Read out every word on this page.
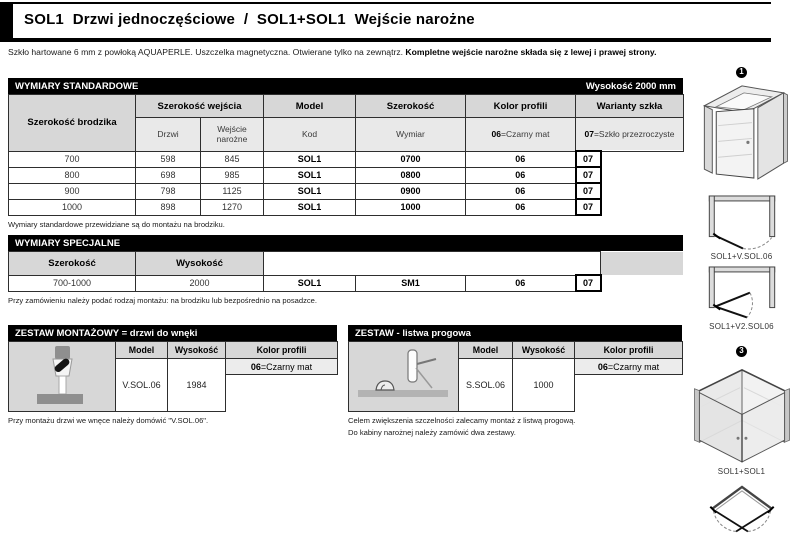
SOL1  Drzwi jednoczęściowe  /  SOL1+SOL1  Wejście narożne
Szkło hartowane 6 mm z powłoką AQUAPERLE. Uszczelka magnetyczna. Otwierane tylko na zewnątrz. Kompletne wejście narożne składa się z lewej i prawej strony.
WYMIARY STANDARDOWE	Wysokość 2000 mm
Szerokość brodzika	Szerokość wejścia		Model	Szerokość	Kolor profili	Warianty szkła	
	Drzwi	Wejście narożne	Kod	Wymiar	06=Czarny mat	07=Szkło przezroczyste	
700	598	845	SOL1	0700	06	07	
800	698	985	SOL1	0800	06	07	
900	798	1125	SOL1	0900	06	07	
1000	898	1270	SOL1	1000	06	07	
Wymiary standardowe przewidziane są do montażu na brodziku.
WYMIARY SPECJALNE
Szerokość	Wysokość					
700-1000	2000	SOL1	SM1	06	07	
Przy zamówieniu należy podać rodzaj montażu: na brodziku lub bezpośrednio na posadzce.
ZESTAW MONTAŻOWY = drzwi do wnęki
	Model	Wysokość	Kolor profili
	V.SOL.06	1984	06=Czarny mat

Przy montażu drzwi we wnęce należy domówić "V.SOL.06".
ZESTAW - listwa progowa
	Model	Wysokość	Kolor profili
	S.SOL.06	1000	06=Czarny mat

Celem zwiększenia szczelności zalecamy montaż z listwą progową.
Do kabiny narożnej należy zamówić dwa zestawy.
1
SOL1+V.SOL.06
SOL1+V2.SOL06
3
SOL1+SOL1
